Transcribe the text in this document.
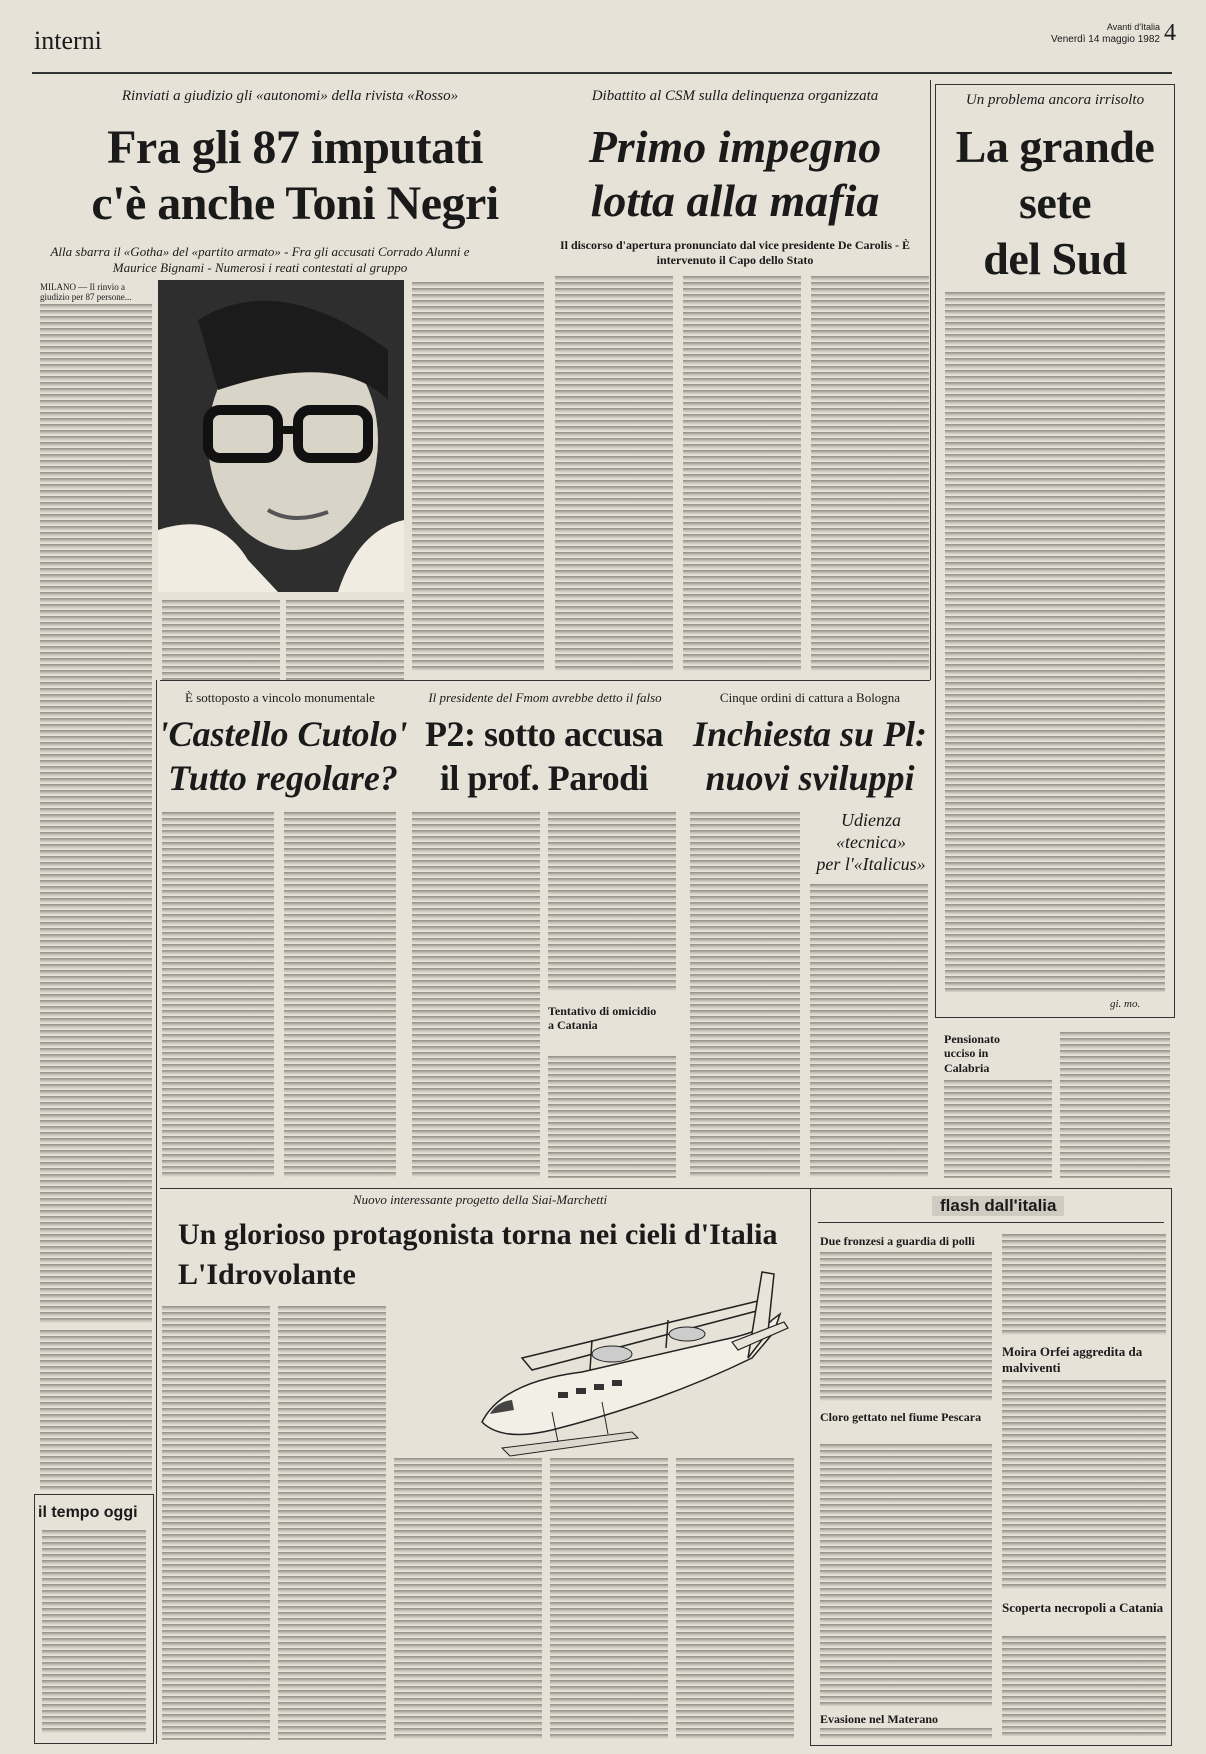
interni	Avanti d'Italia
Venerdì 14 maggio 1982 4
Rinviati a giudizio gli «autonomi» della rivista «Rosso»
Fra gli 87 imputati
c'è anche Toni Negri
Alla sbarra il «Gotha» del «partito armato» - Fra gli accusati Corrado Alunni e Maurice Bignami - Numerosi i reati contestati al gruppo
MILANO — Il rinvio a giudizio per 87 persone...
Dibattito al CSM sulla delinquenza organizzata
Primo impegno
lotta alla mafia
Il discorso d'apertura pronunciato dal vice presidente De Carolis - È intervenuto il Capo dello Stato
Un problema ancora irrisolto
La grande
sete
del Sud
gi. mo.
È sottoposto a vincolo monumentale
'Castello Cutolo'
Tutto regolare?
Il presidente del Fmom avrebbe detto il falso
P2: sotto accusa
il prof. Parodi
Tentativo di omicidio a Catania
Cinque ordini di cattura a Bologna
Inchiesta su Pl:
nuovi sviluppi
Udienza
«tecnica»
per l'«Italicus»
Pensionato ucciso in Calabria
Nuovo interessante progetto della Siai-Marchetti
Un glorioso protagonista torna nei cieli d'Italia
L'Idrovolante
il tempo oggi
flash dall'italia
Due fronzesi a guardia di polli
Moira Orfei aggredita da malviventi
Cloro gettato nel fiume Pescara
Scoperta necropoli a Catania
Evasione nel Materano
